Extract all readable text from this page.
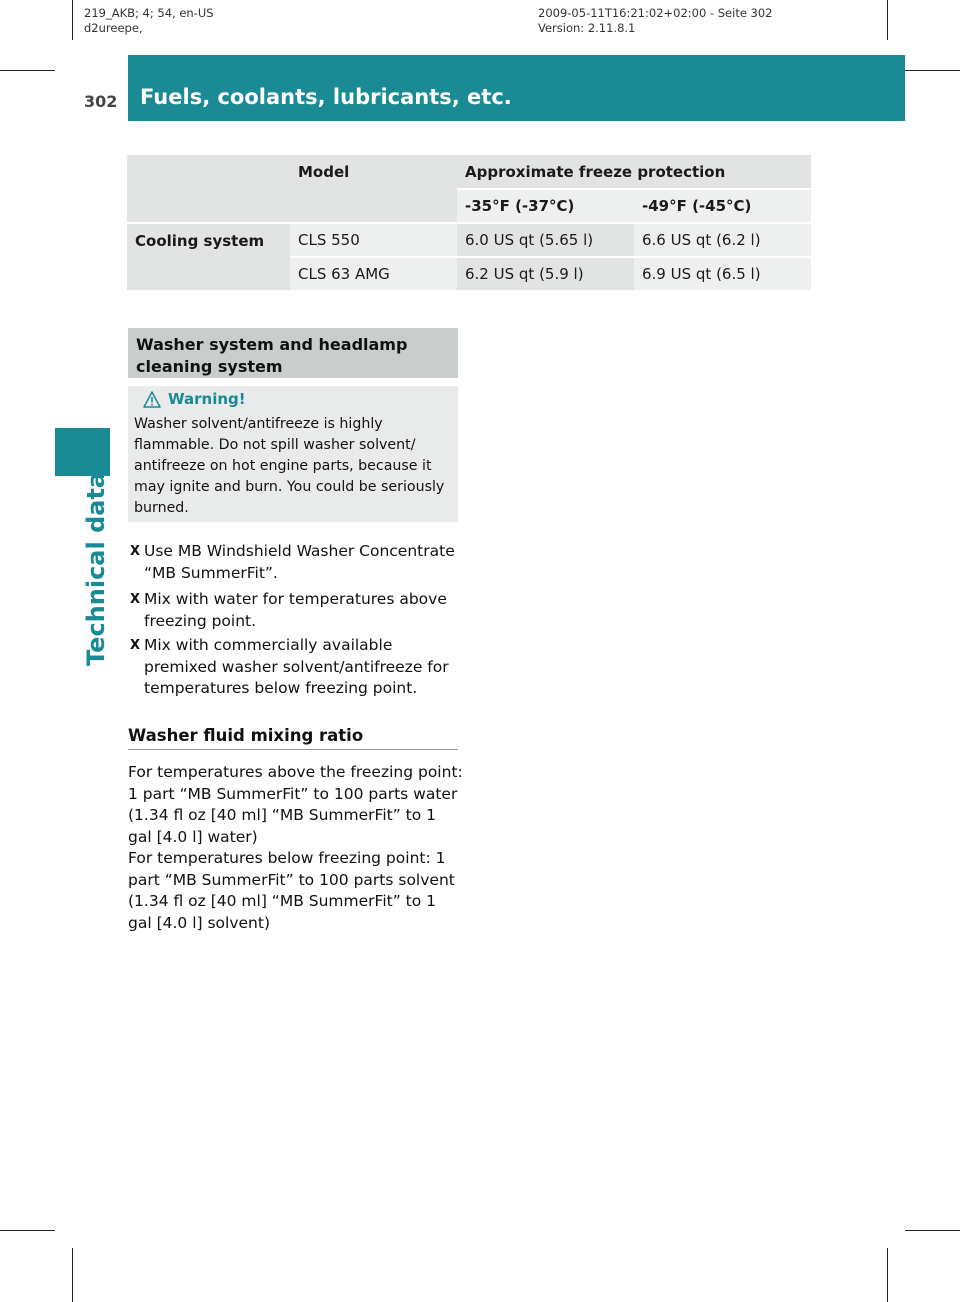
219_AKB; 4; 54, en-US
d2ureepe,
2009-05-11T16:21:02+02:00 - Seite 302
Version: 2.11.8.1
302 Fuels, coolants, lubricants, etc.
Technical data
	Model	Approximate freeze protection	
		-35°F (-37°C)	-49°F (-45°C)
Cooling system	CLS 550	6.0 US qt (5.65 l)	6.6 US qt (6.2 l)
	CLS 63 AMG	6.2 US qt (5.9 l)	6.9 US qt (6.5 l)
Washer system and headlamp cleaning system
Warning!
Washer solvent/antifreeze is highly flammable. Do not spill washer solvent/ antifreeze on hot engine parts, because it may ignite and burn. You could be seriously burned.
X Use MB Windshield Washer Concentrate “MB SummerFit”.
X Mix with water for temperatures above freezing point.
X Mix with commercially available premixed washer solvent/antifreeze for temperatures below freezing point.
Washer fluid mixing ratio
For temperatures above the freezing point: 1 part “MB SummerFit” to 100 parts water (1.34 fl oz [40 ml] “MB SummerFit” to 1 gal [4.0 l] water)
For temperatures below freezing point: 1 part “MB SummerFit” to 100 parts solvent (1.34 fl oz [40 ml] “MB SummerFit” to 1 gal [4.0 l] solvent)
